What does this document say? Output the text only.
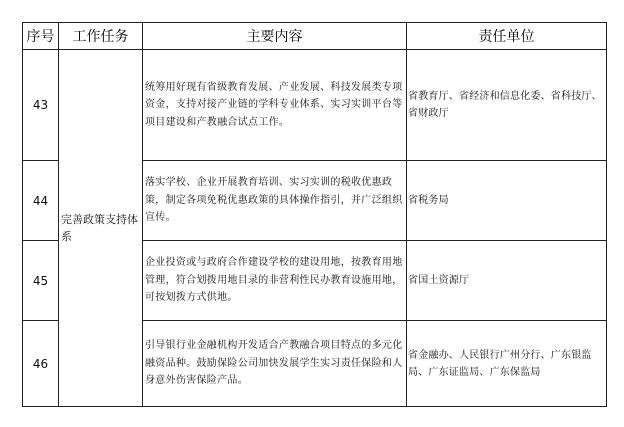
序号	工作任务	主要内容	责任单位
43	完善政策支持体系	统筹用好现有省级教育发展、产业发展、科技发展类专项资金，支持对接产业链的学科专业体系、实习实训平台等项目建设和产教融合试点工作。	省教育厅、省经济和信息化委、省科技厅、省财政厅
44		落实学校、企业开展教育培训、实习实训的税收优惠政策，制定各项免税优惠政策的具体操作指引，并广泛组织宣传。	省税务局
45		企业投资或与政府合作建设学校的建设用地，按教育用地管理，符合划拨用地目录的非营利性民办教育设施用地，可按划拨方式供地。	省国土资源厅
46		引导银行业金融机构开发适合产教融合项目特点的多元化融资品种。鼓励保险公司加快发展学生实习责任保险和人身意外伤害保险产品。	省金融办、人民银行广州分行、广东银监局、广东证监局、广东保监局
